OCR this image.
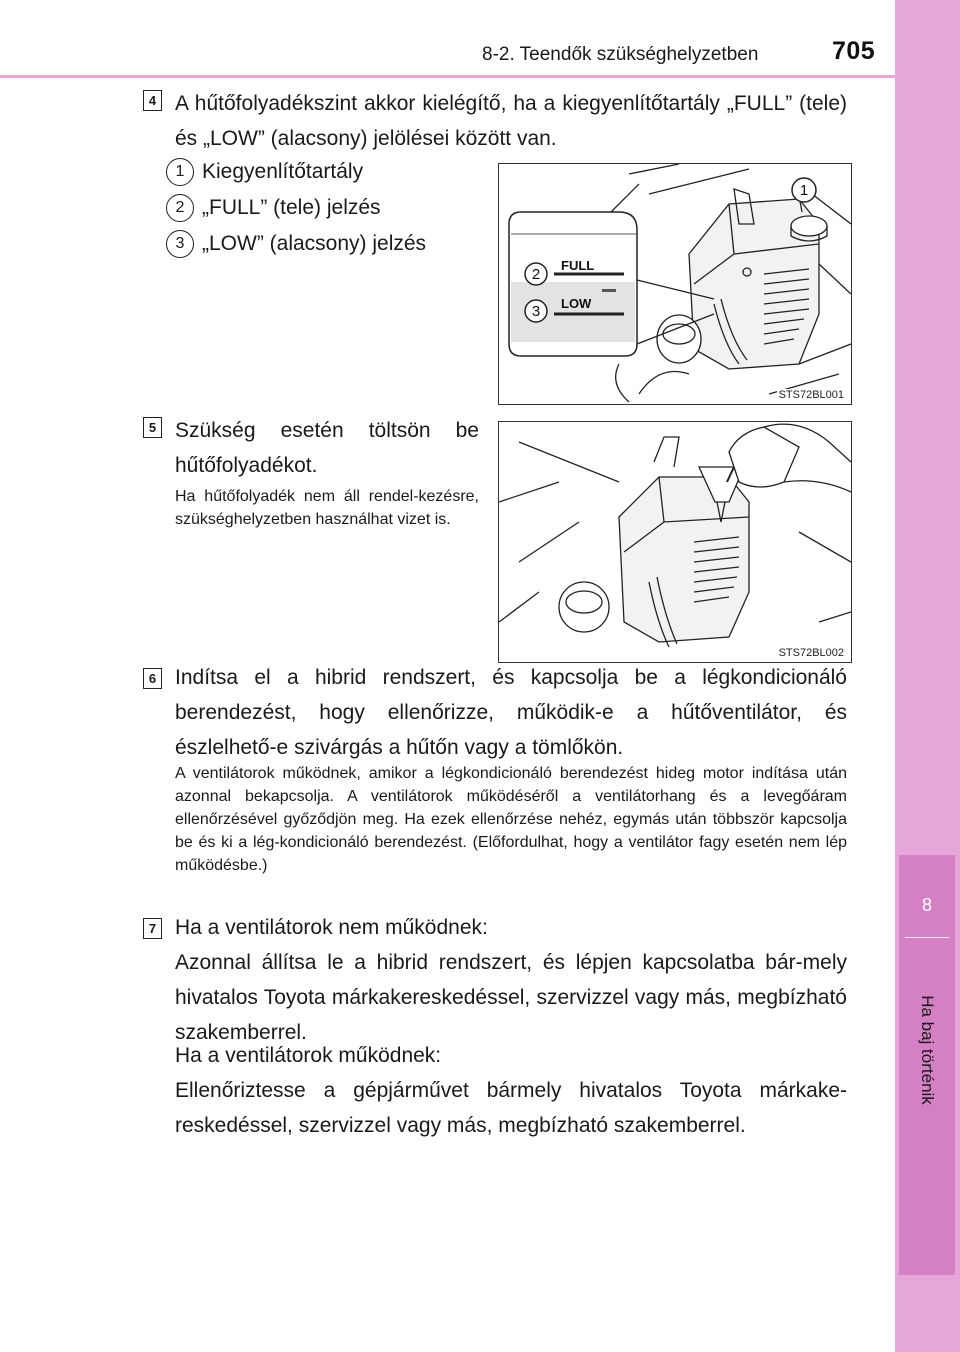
8-2. Teendők szükséghelyzetben	705
8
Ha baj történik
4 A hűtőfolyadékszint akkor kielégítő, ha a kiegyenlítőtartály „FULL” (tele) és „LOW” (alacsony) jelölései között van.
1 Kiegyenlítőtartály
2 „FULL” (tele) jelzés
3 „LOW” (alacsony) jelzés
FULL
LOW
2
3
1
STS72BL001
5 Szükség esetén töltsön be hűtőfolyadékot.
Ha hűtőfolyadék nem áll rendel-kezésre, szükséghelyzetben használhat vizet is.
STS72BL002
6 Indítsa el a hibrid rendszert, és kapcsolja be a légkondicionáló berendezést, hogy ellenőrizze, működik-e a hűtőventilátor, és észlelhető-e szivárgás a hűtőn vagy a tömlőkön.
A ventilátorok működnek, amikor a légkondicionáló berendezést hideg motor indítása után azonnal bekapcsolja. A ventilátorok működéséről a ventilátorhang és a levegőáram ellenőrzésével győződjön meg. Ha ezek ellenőrzése nehéz, egymás után többször kapcsolja be és ki a lég-kondicionáló berendezést. (Előfordulhat, hogy a ventilátor fagy esetén nem lép működésbe.)
7 Ha a ventilátorok nem működnek:
Azonnal állítsa le a hibrid rendszert, és lépjen kapcsolatba bár-mely hivatalos Toyota márkakereskedéssel, szervizzel vagy más, megbízható szakemberrel.
Ha a ventilátorok működnek:
Ellenőriztesse a gépjárművet bármely hivatalos Toyota márkake-reskedéssel, szervizzel vagy más, megbízható szakemberrel.
